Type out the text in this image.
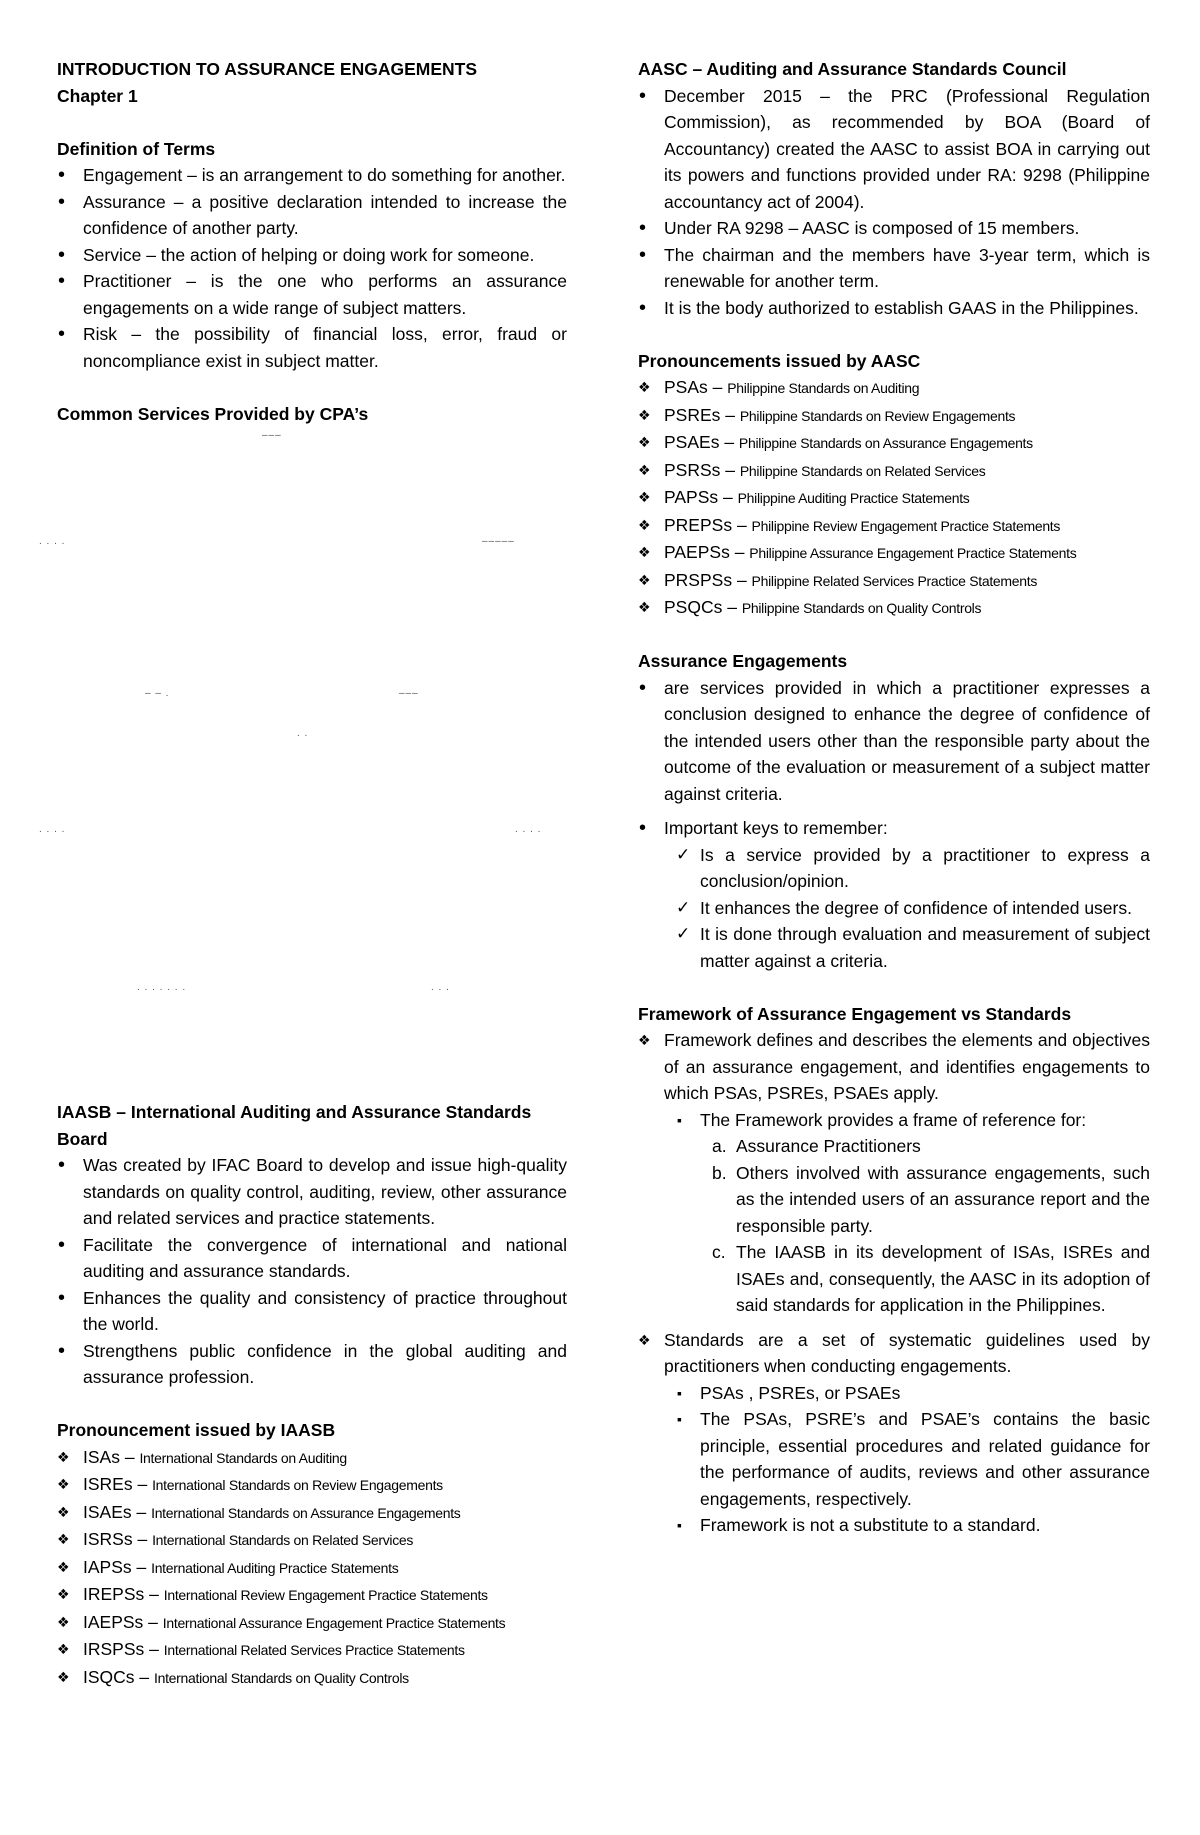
INTRODUCTION TO ASSURANCE ENGAGEMENTS

Chapter 1

Definition of Terms

• Engagement – is an arrangement to do something for another.
• Assurance – a positive declaration intended to increase the confidence of another party.
• Service – the action of helping or doing work for someone.
• Practitioner – is the one who performs an assurance engagements on a wide range of subject matters.
• Risk – the possibility of financial loss, error, fraud or noncompliance exist in subject matter.

Common Services Provided by CPA’s

–––
. . . .	–––––
– – .	–––
. .
. . . .	. . . .
. . . . . . .	. . .

IAASB – International Auditing and Assurance Standards Board

• Was created by IFAC Board to develop and issue high-quality standards on quality control, auditing, review, other assurance and related services and practice statements.
• Facilitate the convergence of international and national auditing and assurance standards.
• Enhances the quality and consistency of practice throughout the world.
• Strengthens public confidence in the global auditing and assurance profession.

Pronouncement issued by IAASB

❖ ISAs – International Standards on Auditing
❖ ISREs – International Standards on Review Engagements
❖ ISAEs – International Standards on Assurance Engagements
❖ ISRSs – International Standards on Related Services
❖ IAPSs – International Auditing Practice Statements
❖ IREPSs – International Review Engagement Practice Statements
❖ IAEPSs – International Assurance Engagement Practice Statements
❖ IRSPSs – International Related Services Practice Statements
❖ ISQCs – International Standards on Quality Controls

AASC – Auditing and Assurance Standards Council

• December 2015 – the PRC (Professional Regulation Commission), as recommended by BOA (Board of Accountancy) created the AASC to assist BOA in carrying out its powers and functions provided under RA: 9298 (Philippine accountancy act of 2004).
• Under RA 9298 – AASC is composed of 15 members.
• The chairman and the members have 3-year term, which is renewable for another term.
• It is the body authorized to establish GAAS in the Philippines.

Pronouncements issued by AASC

❖ PSAs – Philippine Standards on Auditing
❖ PSREs – Philippine Standards on Review Engagements
❖ PSAEs – Philippine Standards on Assurance Engagements
❖ PSRSs – Philippine Standards on Related Services
❖ PAPSs – Philippine Auditing Practice Statements
❖ PREPSs – Philippine Review Engagement Practice Statements
❖ PAEPSs – Philippine Assurance Engagement Practice Statements
❖ PRSPSs – Philippine Related Services Practice Statements
❖ PSQCs – Philippine Standards on Quality Controls

Assurance Engagements

• are services provided in which a practitioner expresses a conclusion designed to enhance the degree of confidence of the intended users other than the responsible party about the outcome of the evaluation or measurement of a subject matter against criteria.
• Important keys to remember:
✓ Is a service provided by a practitioner to express a conclusion/opinion.
✓ It enhances the degree of confidence of intended users.
✓ It is done through evaluation and measurement of subject matter against a criteria.

Framework of Assurance Engagement vs Standards

❖ Framework defines and describes the elements and objectives of an assurance engagement, and identifies engagements to which PSAs, PSREs, PSAEs apply.
▪ The Framework provides a frame of reference for:
a. Assurance Practitioners
b. Others involved with assurance engagements, such as the intended users of an assurance report and the responsible party.
c. The IAASB in its development of ISAs, ISREs and ISAEs and, consequently, the AASC in its adoption of said standards for application in the Philippines.
❖ Standards are a set of systematic guidelines used by practitioners when conducting engagements.
▪ PSAs , PSREs, or PSAEs
▪ The PSAs, PSRE’s and PSAE’s contains the basic principle, essential procedures and related guidance for the performance of audits, reviews and other assurance engagements, respectively.
▪ Framework is not a substitute to a standard.
